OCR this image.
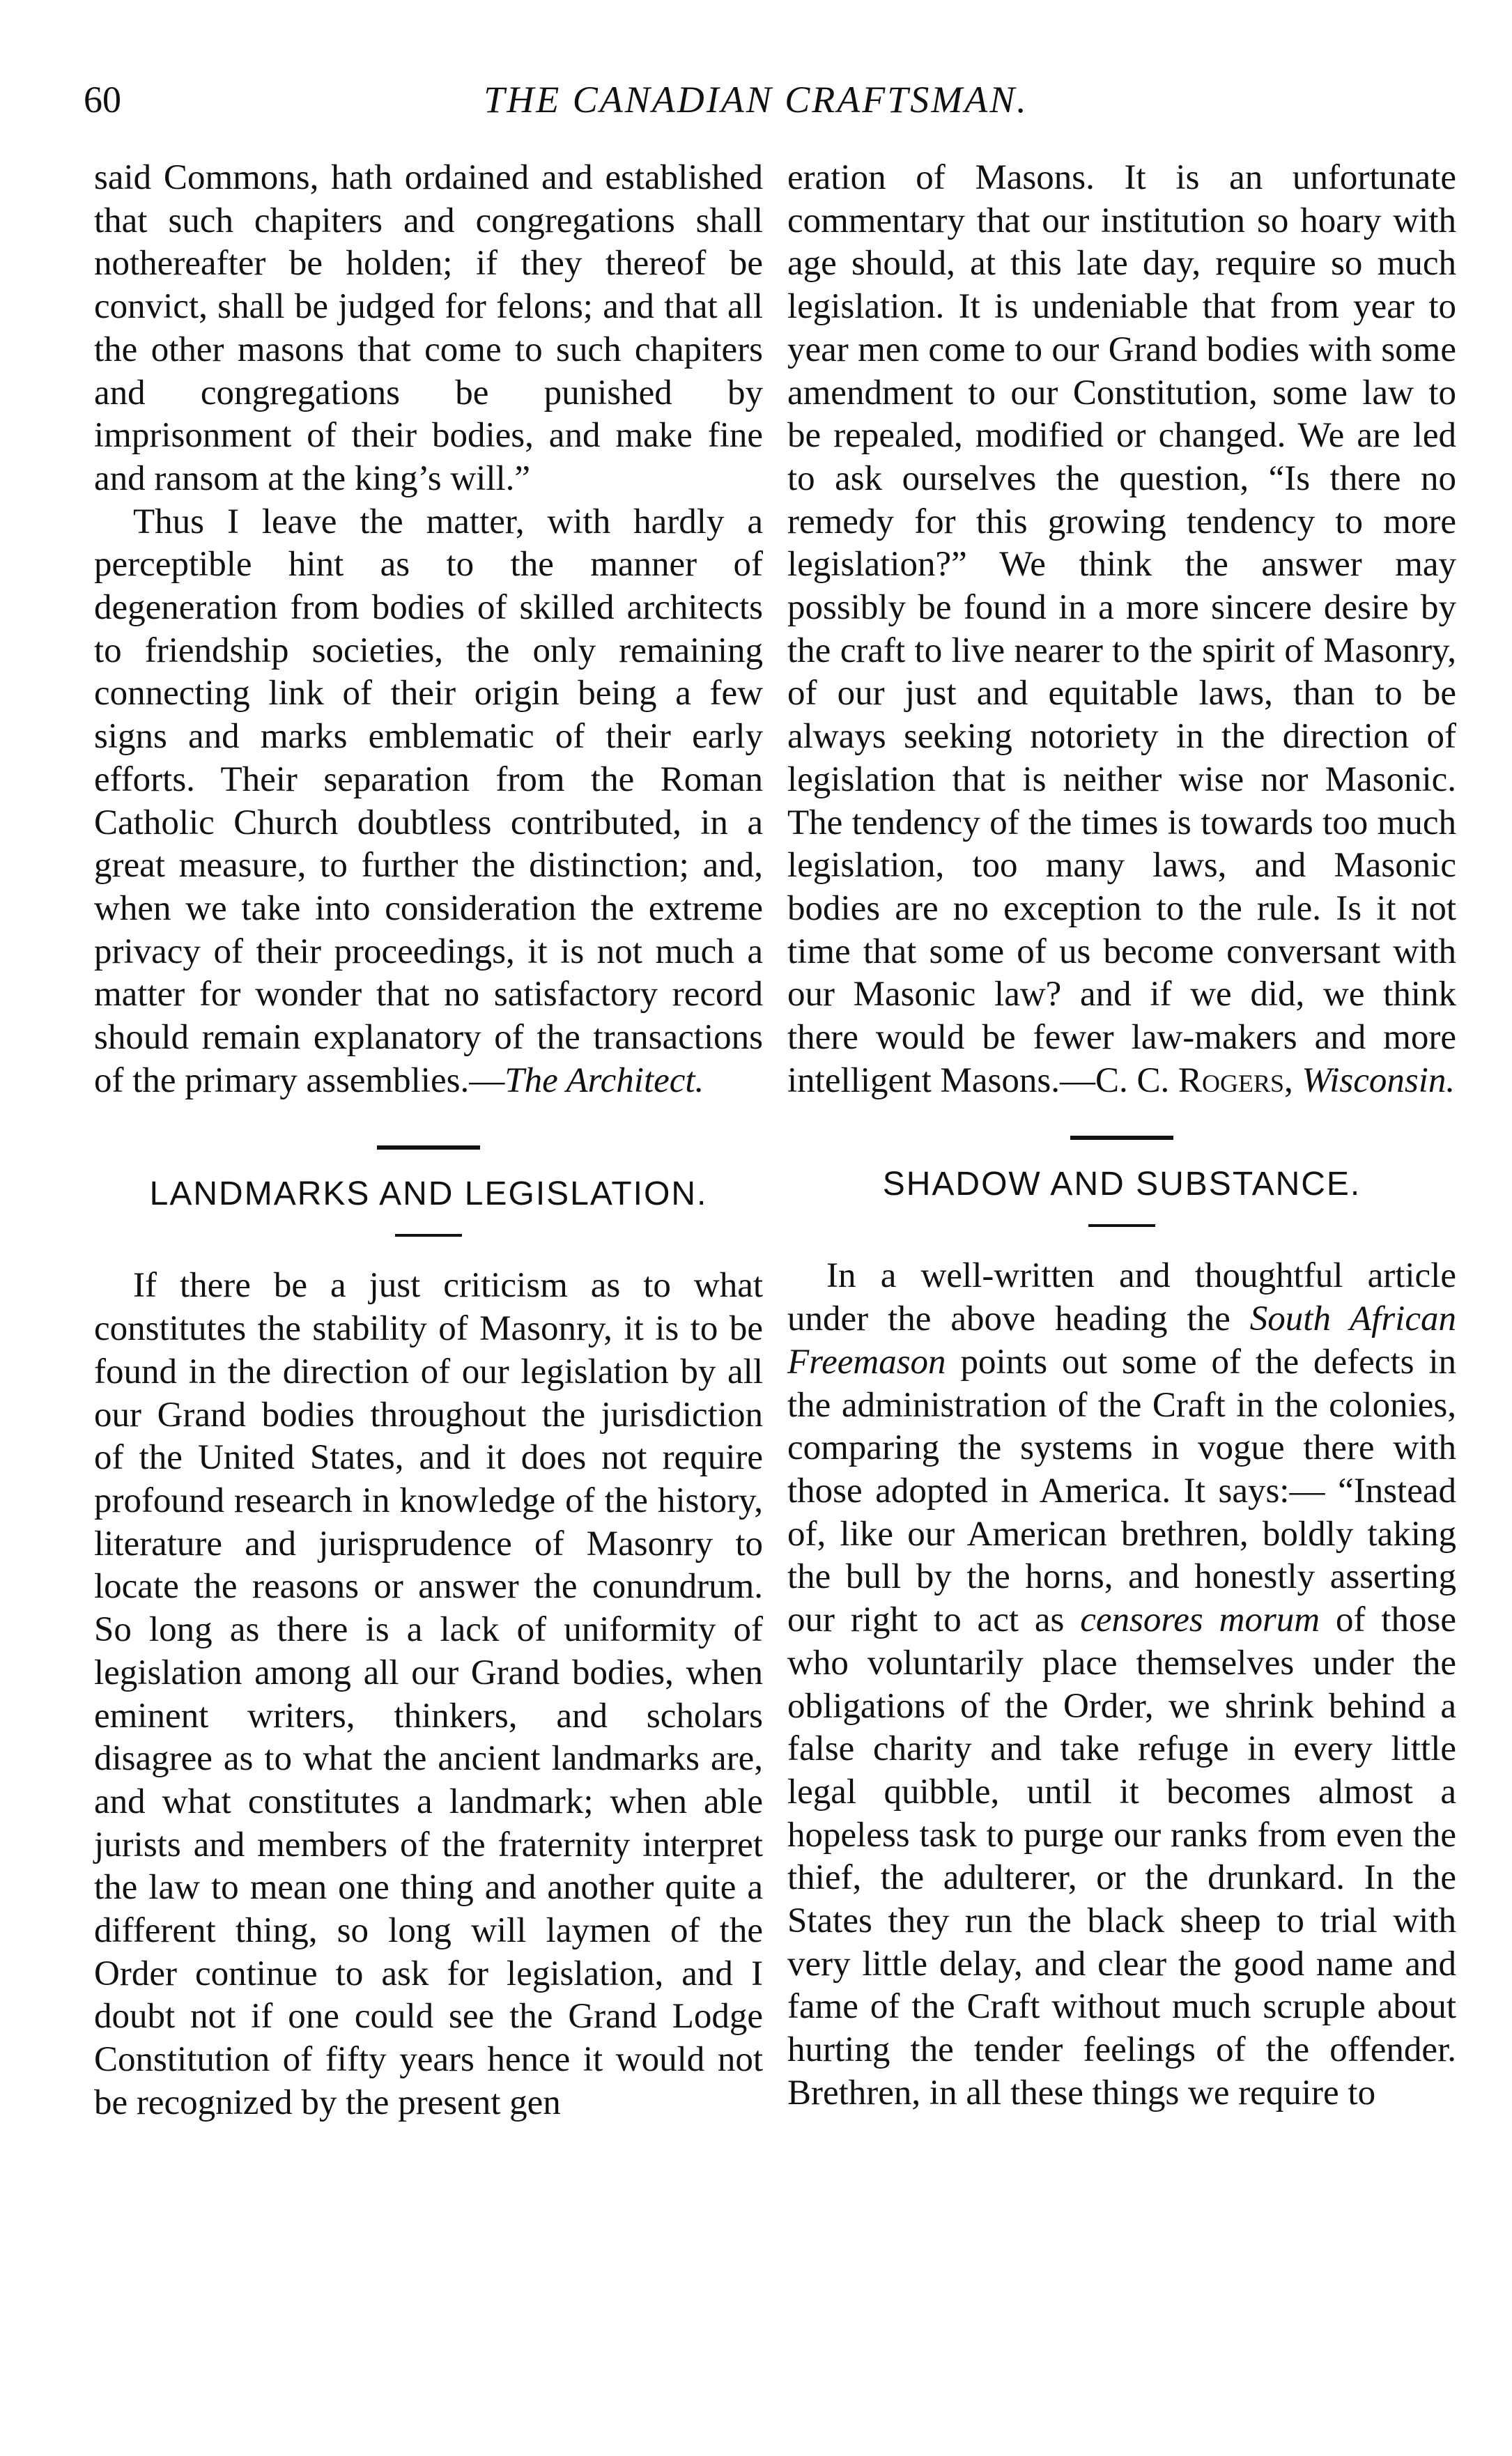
60	THE CANADIAN CRAFTSMAN.

said Commons, hath ordained and established that such chapiters and congregations shall nothereafter be holden; if they thereof be convict, shall be judged for felons; and that all the other masons that come to such chapiters and congregations be punished by imprisonment of their bodies, and make fine and ransom at the king’s will.”

Thus I leave the matter, with hardly a perceptible hint as to the manner of degeneration from bodies of skilled architects to friendship societies, the only remaining connecting link of their origin being a few signs and marks emblematic of their early efforts. Their separation from the Roman Catholic Church doubtless contributed, in a great measure, to further the distinction; and, when we take into consideration the extreme privacy of their proceedings, it is not much a matter for wonder that no satisfactory record should remain explanatory of the transactions of the primary assemblies.—The Architect.

LANDMARKS AND LEGISLATION.

If there be a just criticism as to what constitutes the stability of Masonry, it is to be found in the direction of our legislation by all our Grand bodies throughout the jurisdiction of the United States, and it does not require profound research in knowledge of the history, literature and jurisprudence of Masonry to locate the reasons or answer the conundrum. So long as there is a lack of uniformity of legislation among all our Grand bodies, when eminent writers, thinkers, and scholars disagree as to what the ancient landmarks are, and what constitutes a landmark; when able jurists and members of the fraternity interpret the law to mean one thing and another quite a different thing, so long will laymen of the Order continue to ask for legislation, and I doubt not if one could see the Grand Lodge Constitution of fifty years hence it would not be recognized by the present gen

eration of Masons. It is an unfortunate commentary that our institution so hoary with age should, at this late day, require so much legislation. It is undeniable that from year to year men come to our Grand bodies with some amendment to our Constitution, some law to be repealed, modified or changed. We are led to ask ourselves the question, “Is there no remedy for this growing tendency to more legislation?” We think the answer may possibly be found in a more sincere desire by the craft to live nearer to the spirit of Masonry, of our just and equitable laws, than to be always seeking notoriety in the direction of legislation that is neither wise nor Masonic. The tendency of the times is towards too much legislation, too many laws, and Masonic bodies are no exception to the rule. Is it not time that some of us become conversant with our Masonic law? and if we did, we think there would be fewer law-makers and more intelligent Masons.—C. C. Rogers, Wisconsin.

SHADOW AND SUBSTANCE.

In a well-written and thoughtful article under the above heading the South African Freemason points out some of the defects in the administration of the Craft in the colonies, comparing the systems in vogue there with those adopted in America. It says:— “Instead of, like our American brethren, boldly taking the bull by the horns, and honestly asserting our right to act as censores morum of those who voluntarily place themselves under the obligations of the Order, we shrink behind a false charity and take refuge in every little legal quibble, until it becomes almost a hopeless task to purge our ranks from even the thief, the adulterer, or the drunkard. In the States they run the black sheep to trial with very little delay, and clear the good name and fame of the Craft without much scruple about hurting the tender feelings of the offender. Brethren, in all these things we require to
